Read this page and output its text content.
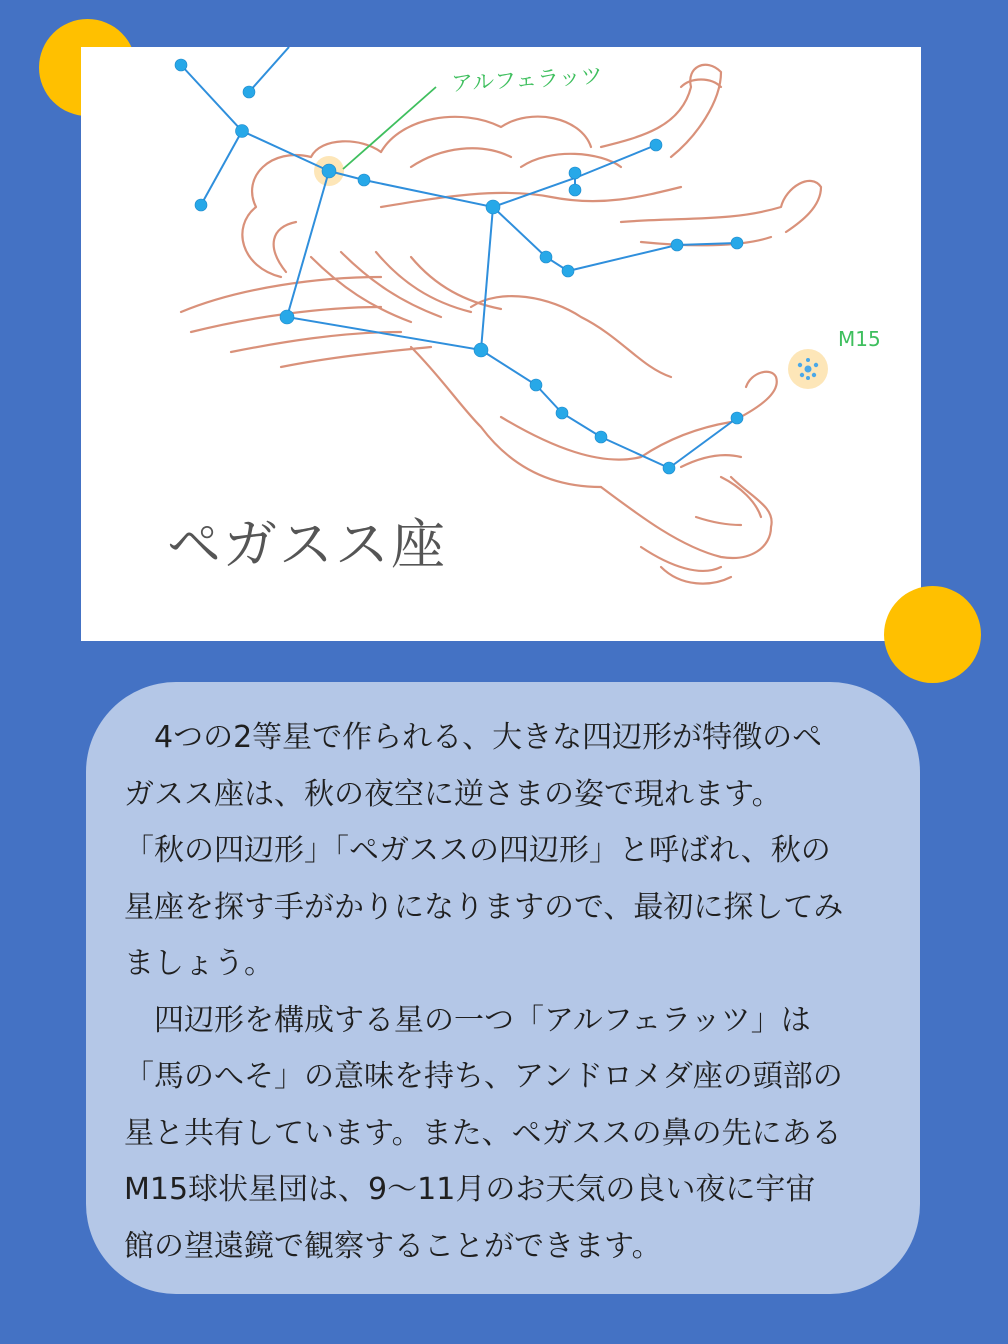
アルフェラッツ
M15
ペガスス座

　4つの2等星で作られる、大きな四辺形が特徴のペ
ガスス座は、秋の夜空に逆さまの姿で現れます。
「秋の四辺形」「ペガススの四辺形」と呼ばれ、秋の
星座を探す手がかりになりますので、最初に探してみ
ましょう。

　四辺形を構成する星の一つ「アルフェラッツ」は
「馬のへそ」の意味を持ち、アンドロメダ座の頭部の
星と共有しています。また、ペガススの鼻の先にある
M15球状星団は、9～11月のお天気の良い夜に宇宙
館の望遠鏡で観察することができます。
